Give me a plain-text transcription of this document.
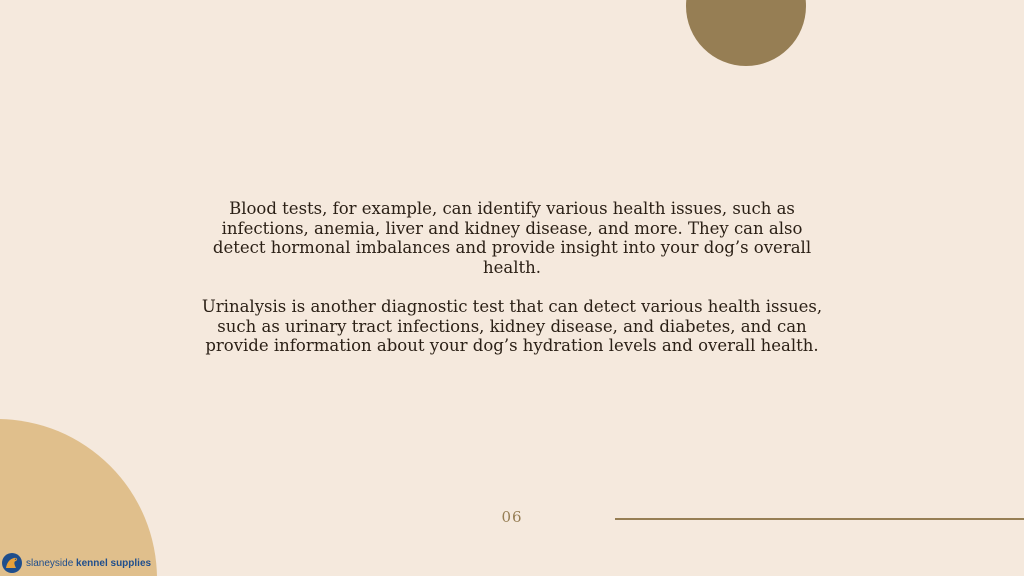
Blood tests, for example, can identify various health issues, such as infections, anemia, liver and kidney disease, and more. They can also detect hormonal imbalances and provide insight into your dog’s overall health.

Urinalysis is another diagnostic test that can detect various health issues, such as urinary tract infections, kidney disease, and diabetes, and can provide information about your dog’s hydration levels and overall health.

06
slaneyside kennel supplies
